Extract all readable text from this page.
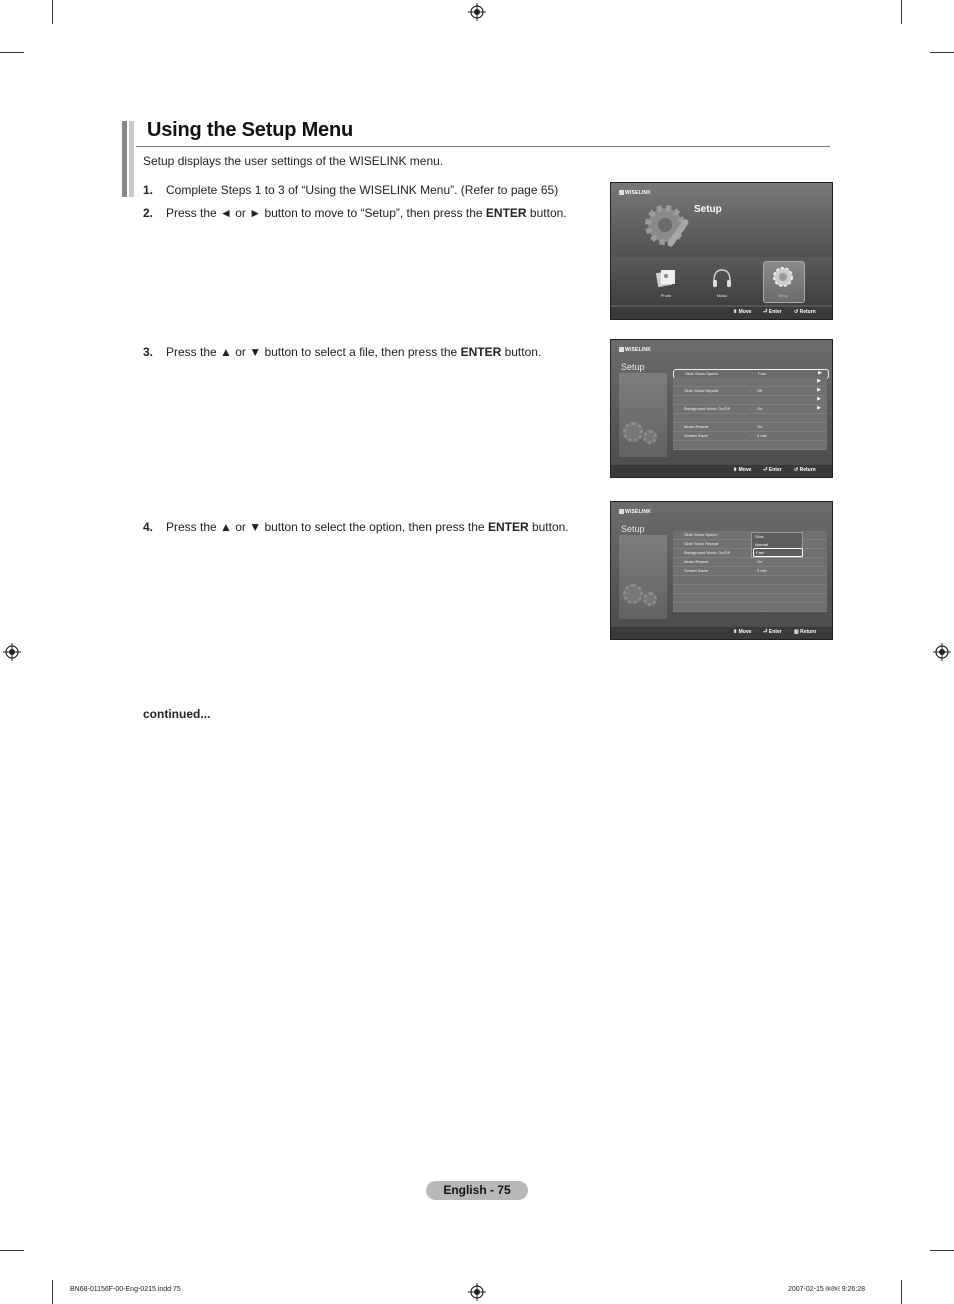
Using the Setup Menu
Setup displays the user settings of the WISELINK menu.
1. Complete Steps 1 to 3 of “Using the WISELINK Menu”. (Refer to page 65)
2. Press the ◄ or ► button to move to “Setup”, then press the ENTER button.
3. Press the ▲ or ▼ button to select a file, then press the ENTER button.
4. Press the ▲ or ▼ button to select the option, then press the ENTER button.
WISELINK
Setup
Photo	Music	Setup
⬍ Move ⮐ Enter ↺ Return
WISELINK
Setup
Slide Show Speed	: Fast	▶
▶
Slide Show Repeat	: Off	▶
▶
Background Music On/Off	: On	▶
Music Repeat	: On
Screen Saver	: 3 min
⬍ Move ⮐ Enter ↺ Return
WISELINK
Setup
Slide Show Speed
Slide Show Repeat
Background Music On/Off
Music Repeat	: On
Screen Saver	: 3 min
Slow
Normal
Fast
⬍ Move ⮐ Enter ▥ Return
continued...
English - 75
BN68-01156F-00-Eng-0215.indd 75	2007-02-15 ￼￼ 9:26:28
